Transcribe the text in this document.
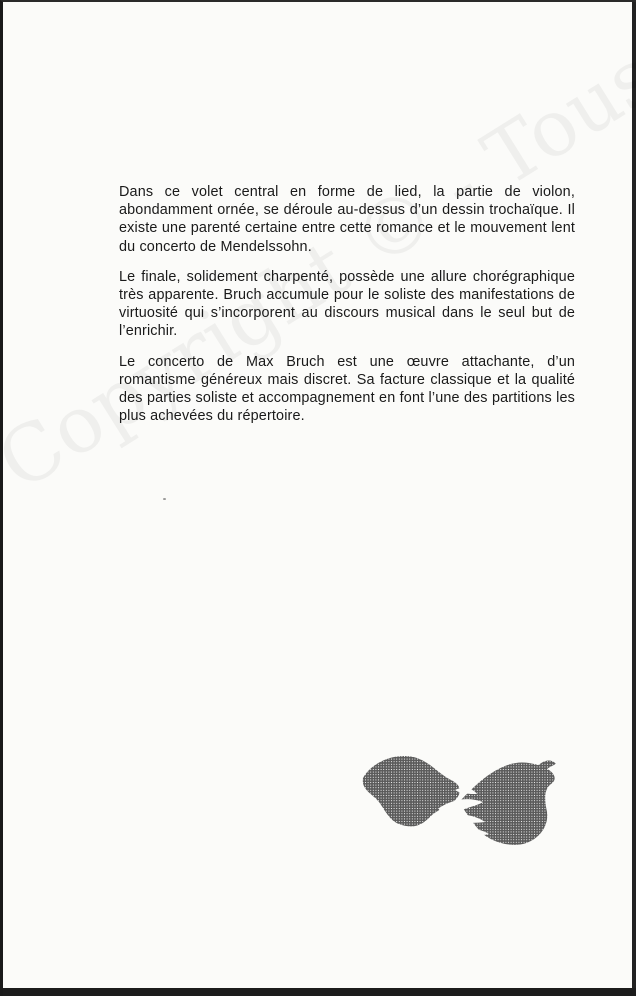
Dans ce volet central en forme de lied, la partie de violon, abondamment ornée, se déroule au-dessus d’un dessin trochaïque. Il existe une parenté certaine entre cette romance et le mouvement lent du concerto de Mendelssohn.

Le finale, solidement charpenté, possède une allure chorégraphique très apparente. Bruch accumule pour le soliste des manifestations de virtuosité qui s’incorporent au discours musical dans le seul but de l’enrichir.

Le concerto de Max Bruch est une œuvre attachante, d’un romantisme généreux mais discret. Sa facture classique et la qualité des parties soliste et accompagnement en font l’une des partitions les plus achevées du répertoire.
